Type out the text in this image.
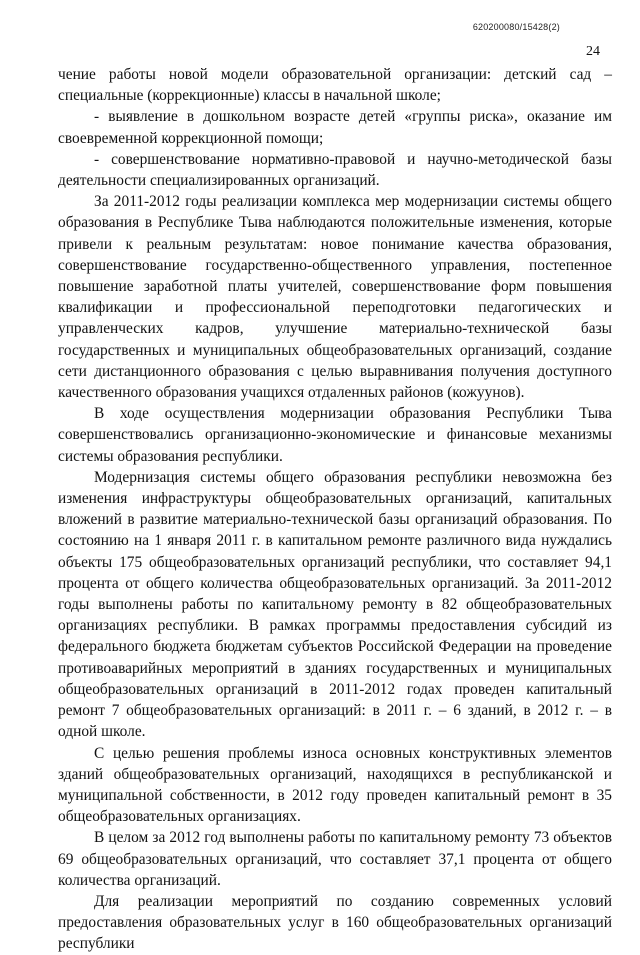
620200080/15428(2)
24

чение работы новой модели образовательной организации: детский сад – специальные (коррекционные) классы в начальной школе;

- выявление в дошкольном возрасте детей «группы риска», оказание им своевременной коррекционной помощи;

- совершенствование нормативно-правовой и научно-методической базы деятельности специализированных организаций.

За 2011-2012 годы реализации комплекса мер модернизации системы общего образования в Республике Тыва наблюдаются положительные изменения, которые привели к реальным результатам: новое понимание качества образования, совершенствование государственно-общественного управления, постепенное повышение заработной платы учителей, совершенствование форм повышения квалификации и профессиональной переподготовки педагогических и управленческих кадров, улучшение материально-технической базы государственных и муниципальных общеобразовательных организаций, создание сети дистанционного образования с целью выравнивания получения доступного качественного образования учащихся отдаленных районов (кожуунов).

В ходе осуществления модернизации образования Республики Тыва совершенствовались организационно-экономические и финансовые механизмы системы образования республики.

Модернизация системы общего образования республики невозможна без изменения инфраструктуры общеобразовательных организаций, капитальных вложений в развитие материально-технической базы организаций образования. По состоянию на 1 января 2011 г. в капитальном ремонте различного вида нуждались объекты 175 общеобразовательных организаций республики, что составляет 94,1 процента от общего количества общеобразовательных организаций. За 2011-2012 годы выполнены работы по капитальному ремонту в 82 общеобразовательных организациях республики. В рамках программы предоставления субсидий из федерального бюджета бюджетам субъектов Российской Федерации на проведение противоаварийных мероприятий в зданиях государственных и муниципальных общеобразовательных организаций в 2011-2012 годах проведен капитальный ремонт 7 общеобразовательных организаций: в 2011 г. – 6 зданий, в 2012 г. – в одной школе.

С целью решения проблемы износа основных конструктивных элементов зданий общеобразовательных организаций, находящихся в республиканской и муниципальной собственности, в 2012 году проведен капитальный ремонт в 35 общеобразовательных организациях.

В целом за 2012 год выполнены работы по капитальному ремонту 73 объектов 69 общеобразовательных организаций, что составляет 37,1 процента от общего количества организаций.

Для реализации мероприятий по созданию современных условий предоставления образовательных услуг в 160 общеобразовательных организаций республики
